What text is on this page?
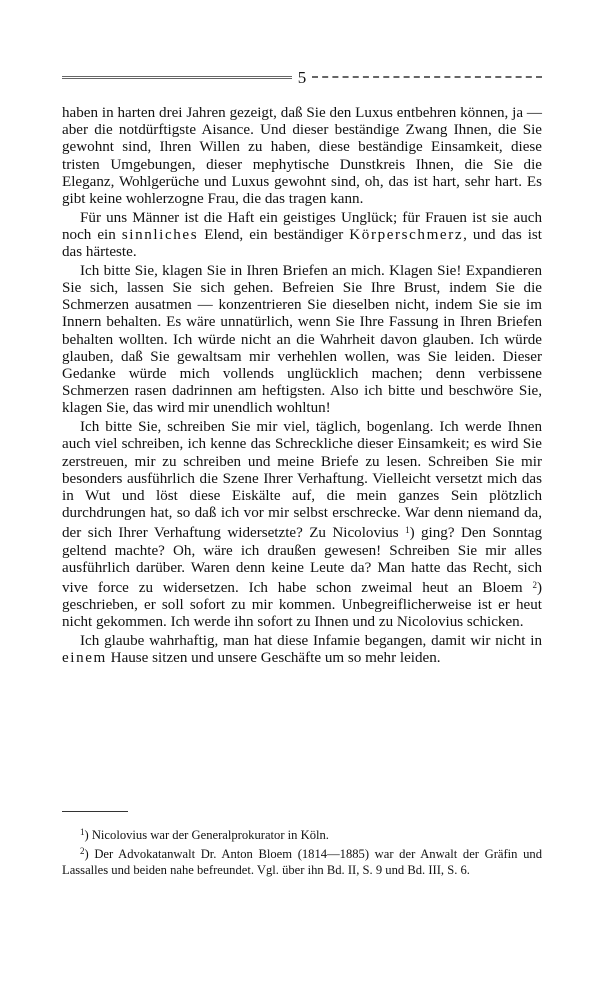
5

haben in harten drei Jahren gezeigt, daß Sie den Luxus entbehren können, ja — aber die notdürftigste Aisance. Und dieser beständige Zwang Ihnen, die Sie gewohnt sind, Ihren Willen zu haben, diese beständige Einsamkeit, diese tristen Umgebungen, dieser mephytische Dunstkreis Ihnen, die Sie die Eleganz, Wohlgerüche und Luxus gewohnt sind, oh, das ist hart, sehr hart. Es gibt keine wohlerzogne Frau, die das tragen kann.

Für uns Männer ist die Haft ein geistiges Unglück; für Frauen ist sie auch noch ein sinnliches Elend, ein beständiger Körperschmerz, und das ist das härteste.

Ich bitte Sie, klagen Sie in Ihren Briefen an mich. Klagen Sie! Expandieren Sie sich, lassen Sie sich gehen. Befreien Sie Ihre Brust, indem Sie die Schmerzen ausatmen — konzentrieren Sie dieselben nicht, indem Sie sie im Innern behalten. Es wäre unnatürlich, wenn Sie Ihre Fassung in Ihren Briefen behalten wollten. Ich würde nicht an die Wahrheit davon glauben. Ich würde glauben, daß Sie gewaltsam mir verhehlen wollen, was Sie leiden. Dieser Gedanke würde mich vollends unglücklich machen; denn verbissene Schmerzen rasen dadrinnen am heftigsten. Also ich bitte und beschwöre Sie, klagen Sie, das wird mir unendlich wohltun!

Ich bitte Sie, schreiben Sie mir viel, täglich, bogenlang. Ich werde Ihnen auch viel schreiben, ich kenne das Schreckliche dieser Einsamkeit; es wird Sie zerstreuen, mir zu schreiben und meine Briefe zu lesen. Schreiben Sie mir besonders ausführlich die Szene Ihrer Verhaftung. Vielleicht versetzt mich das in Wut und löst diese Eiskälte auf, die mein ganzes Sein plötzlich durchdrungen hat, so daß ich vor mir selbst erschrecke. War denn niemand da, der sich Ihrer Verhaftung widersetzte? Zu Nicolovius $^1$) ging? Den Sonntag geltend machte? Oh, wäre ich draußen gewesen! Schreiben Sie mir alles ausführlich darüber. Waren denn keine Leute da? Man hatte das Recht, sich vive force zu widersetzen. Ich habe schon zweimal heut an Bloem $^2$) geschrieben, er soll sofort zu mir kommen. Unbegreiflicherweise ist er heut nicht gekommen. Ich werde ihn sofort zu Ihnen und zu Nicolovius schicken.

Ich glaube wahrhaftig, man hat diese Infamie begangen, damit wir nicht in einem Hause sitzen und unsere Geschäfte um so mehr leiden.

$^1$) Nicolovius war der Generalprokurator in Köln.

$^2$) Der Advokatanwalt Dr. Anton Bloem (1814—1885) war der Anwalt der Gräfin und Lassalles und beiden nahe befreundet. Vgl. über ihn Bd. II, S. 9 und Bd. III, S. 6.
